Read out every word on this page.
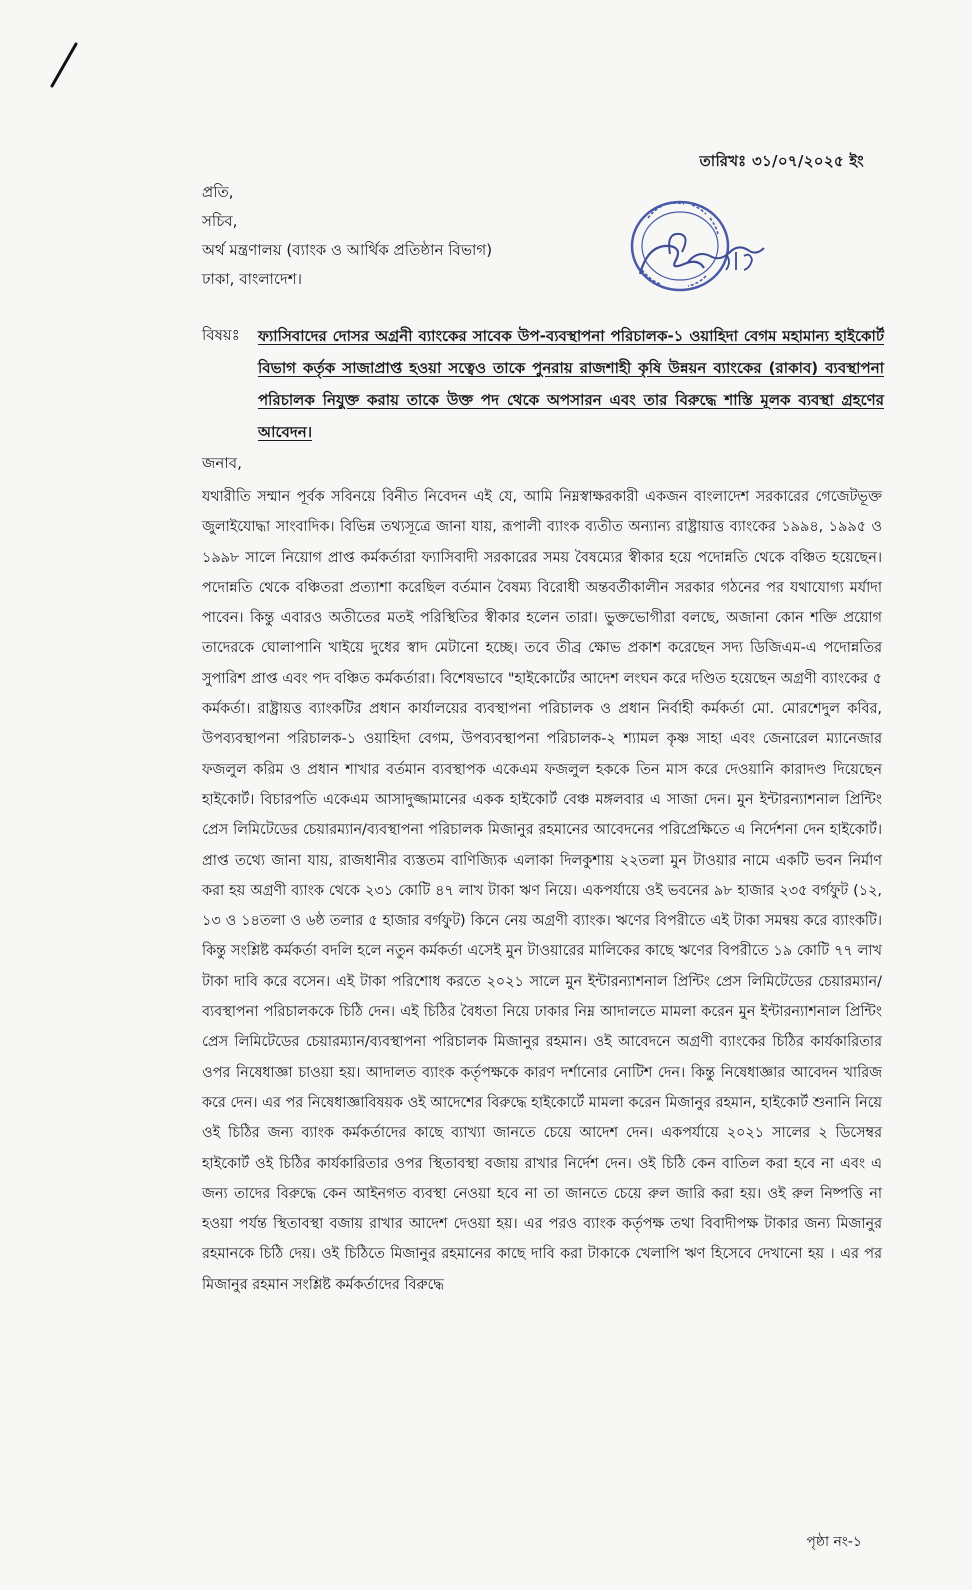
তারিখঃ ৩১/০৭/২০২৫ ইং
প্রতি,
সচিব,
অর্থ মন্ত্রণালয় (ব্যাংক ও আর্থিক প্রতিষ্ঠান বিভাগ)
ঢাকা, বাংলাদেশ।
বিষয়ঃ ফ্যাসিবাদের দোসর অগ্রনী ব্যাংকের সাবেক উপ-ব্যবস্থাপনা পরিচালক-১ ওয়াহিদা বেগম মহামান্য হাইকোর্ট বিভাগ কর্তৃক সাজাপ্রাপ্ত হওয়া সত্বেও তাকে পুনরায় রাজশাহী কৃষি উন্নয়ন ব্যাংকের (রাকাব) ব্যবস্থাপনা পরিচালক নিযুক্ত করায় তাকে উক্ত পদ থেকে অপসারন এবং তার বিরুদ্ধে শাস্তি মূলক ব্যবস্থা গ্রহণের আবেদন।
জনাব,
যথারীতি সম্মান পূর্বক সবিনয়ে বিনীত নিবেদন এই যে, আমি নিম্নস্বাক্ষরকারী একজন বাংলাদেশ সরকারের গেজেটভূক্ত জুলাইযোদ্ধা সাংবাদিক। বিভিন্ন তথ্যসূত্রে জানা যায়, রূপালী ব্যাংক ব্যতীত অন্যান্য রাষ্ট্রায়াত্ত ব্যাংকের ১৯৯৪, ১৯৯৫ ও ১৯৯৮ সালে নিয়োগ প্রাপ্ত কর্মকর্তারা ফ্যাসিবাদী সরকারের সময় বৈষম্যের স্বীকার হয়ে পদোন্নতি থেকে বঞ্চিত হয়েছেন। পদোন্নতি থেকে বঞ্চিতরা প্রত্যাশা করেছিল বর্তমান বৈষম্য বিরোধী অন্তবর্তীকালীন সরকার গঠনের পর যথাযোগ্য মর্যাদা পাবেন। কিন্তু এবারও অতীতের মতই পরিস্থিতির স্বীকার হলেন তারা। ভুক্তভোগীরা বলছে, অজানা কোন শক্তি প্রয়োগ তাদেরকে ঘোলাপানি খাইয়ে দুধের স্বাদ মেটানো হচ্ছে। তবে তীব্র ক্ষোভ প্রকাশ করেছেন সদ্য ডিজিএম-এ পদোন্নতির সুপারিশ প্রাপ্ত এবং পদ বঞ্চিত কর্মকর্তারা। বিশেষভাবে "হাইকোর্টের আদেশ লংঘন করে দণ্ডিত হয়েছেন অগ্রণী ব্যাংকের ৫ কর্মকর্তা। রাষ্ট্রায়ত্ত ব্যাংকটির প্রধান কার্যালয়ের ব্যবস্থাপনা পরিচালক ও প্রধান নির্বাহী কর্মকর্তা মো. মোরশেদুল কবির, উপব্যবস্থাপনা পরিচালক-১ ওয়াহিদা বেগম, উপব্যবস্থাপনা পরিচালক-২ শ্যামল কৃষ্ণ সাহা এবং জেনারেল ম্যানেজার ফজলুল করিম ও প্রধান শাখার বর্তমান ব্যবস্থাপক একেএম ফজলুল হককে তিন মাস করে দেওয়ানি কারাদণ্ড দিয়েছেন হাইকোর্ট। বিচারপতি একেএম আসাদুজ্জামানের একক হাইকোর্ট বেঞ্চ মঙ্গলবার এ সাজা দেন। মুন ইন্টারন্যাশনাল প্রিন্টিং প্রেস লিমিটেডের চেয়ারম্যান/ব্যবস্থাপনা পরিচালক মিজানুর রহমানের আবেদনের পরিপ্রেক্ষিতে এ নির্দেশনা দেন হাইকোর্ট। প্রাপ্ত তথ্যে জানা যায়, রাজধানীর ব্যস্ততম বাণিজ্যিক এলাকা দিলকুশায় ২২তলা মুন টাওয়ার নামে একটি ভবন নির্মাণ করা হয় অগ্রণী ব্যাংক থেকে ২৩১ কোটি ৪৭ লাখ টাকা ঋণ নিয়ে। একপর্যায়ে ওই ভবনের ৯৮ হাজার ২৩৫ বর্গফুট (১২, ১৩ ও ১৪তলা ও ৬ষ্ঠ তলার ৫ হাজার বর্গফুট) কিনে নেয় অগ্রণী ব্যাংক। ঋণের বিপরীতে এই টাকা সমন্বয় করে ব্যাংকটি। কিন্তু সংশ্লিষ্ট কর্মকর্তা বদলি হলে নতুন কর্মকর্তা এসেই মুন টাওয়ারের মালিকের কাছে ঋণের বিপরীতে ১৯ কোটি ৭৭ লাখ টাকা দাবি করে বসেন। এই টাকা পরিশোধ করতে ২০২১ সালে মুন ইন্টারন্যাশনাল প্রিন্টিং প্রেস লিমিটেডের চেয়ারম্যান/ব্যবস্থাপনা পরিচালককে চিঠি দেন। এই চিঠির বৈধতা নিয়ে ঢাকার নিম্ন আদালতে মামলা করেন মুন ইন্টারন্যাশনাল প্রিন্টিং প্রেস লিমিটেডের চেয়ারম্যান/ব্যবস্থাপনা পরিচালক মিজানুর রহমান। ওই আবেদনে অগ্রণী ব্যাংকের চিঠির কার্যকারিতার ওপর নিষেধাজ্ঞা চাওয়া হয়। আদালত ব্যাংক কর্তৃপক্ষকে কারণ দর্শানোর নোটিশ দেন। কিন্তু নিষেধাজ্ঞার আবেদন খারিজ করে দেন। এর পর নিষেধাজ্ঞাবিষয়ক ওই আদেশের বিরুদ্ধে হাইকোর্টে মামলা করেন মিজানুর রহমান, হাইকোর্ট শুনানি নিয়ে ওই চিঠির জন্য ব্যাংক কর্মকর্তাদের কাছে ব্যাখ্যা জানতে চেয়ে আদেশ দেন। একপর্যায়ে ২০২১ সালের ২ ডিসেম্বর হাইকোর্ট ওই চিঠির কার্যকারিতার ওপর স্থিতাবস্থা বজায় রাখার নির্দেশ দেন। ওই চিঠি কেন বাতিল করা হবে না এবং এ জন্য তাদের বিরুদ্ধে কেন আইনগত ব্যবস্থা নেওয়া হবে না তা জানতে চেয়ে রুল জারি করা হয়। ওই রুল নিষ্পত্তি না হওয়া পর্যন্ত স্থিতাবস্থা বজায় রাখার আদেশ দেওয়া হয়। এর পরও ব্যাংক কর্তৃপক্ষ তথা বিবাদীপক্ষ টাকার জন্য মিজানুর রহমানকে চিঠি দেয়। ওই চিঠিতে মিজানুর রহমানের কাছে দাবি করা টাকাকে খেলাপি ঋণ হিসেবে দেখানো হয় । এর পর মিজানুর রহমান সংশ্লিষ্ট কর্মকর্তাদের বিরুদ্ধে
পৃষ্ঠা নং-১
